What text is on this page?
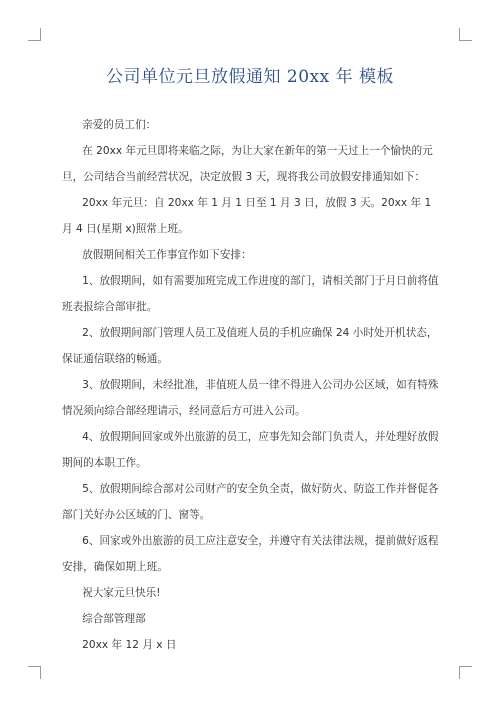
公司单位元旦放假通知 20xx 年 模板

亲爱的员工们：

在 20xx 年元旦即将来临之际，为让大家在新年的第一天过上一个愉快的元旦，公司结合当前经营状况，决定放假 3 天，现将我公司放假安排通知如下：

20xx 年元旦：自 20xx 年 1 月 1 日至 1 月 3 日，放假 3 天。20xx 年 1 月 4 日(星期 x)照常上班。

放假期间相关工作事宜作如下安排：

1、放假期间，如有需要加班完成工作进度的部门，请相关部门于月日前将值班表报综合部审批。

2、放假期间部门管理人员工及值班人员的手机应确保 24 小时处开机状态，保证通信联络的畅通。

3、放假期间，未经批准，非值班人员一律不得进入公司办公区域，如有特殊情况须向综合部经理请示，经同意后方可进入公司。

4、放假期间回家或外出旅游的员工，应事先知会部门负责人，并处理好放假期间的本职工作。

5、放假期间综合部对公司财产的安全负全责，做好防火、防盗工作并督促各部门关好办公区域的门、窗等。

6、回家或外出旅游的员工应注意安全，并遵守有关法律法规，提前做好返程安排，确保如期上班。

祝大家元旦快乐!

综合部管理部

20xx 年 12 月 x 日
